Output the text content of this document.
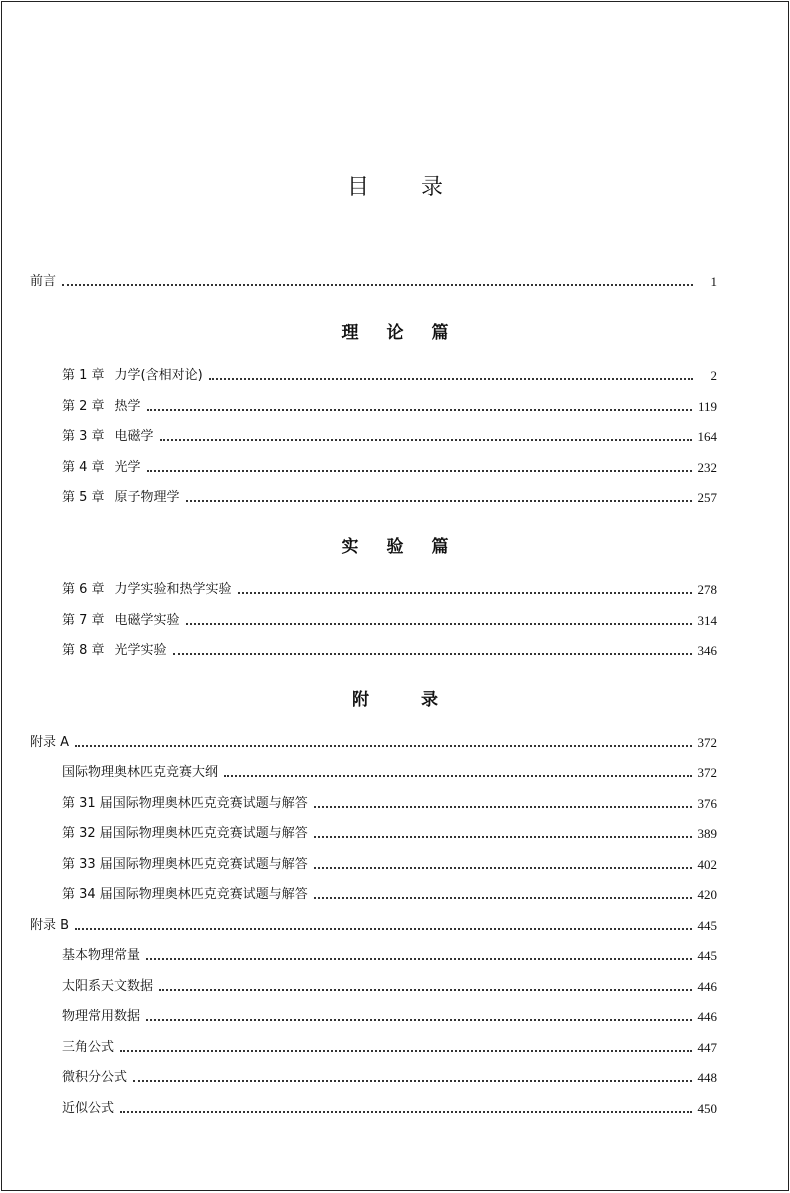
目 录
前言	1
理 论 篇
第 1 章 力学(含相对论)	2
第 2 章 热学	119
第 3 章 电磁学	164
第 4 章 光学	232
第 5 章 原子物理学	257
实 验 篇
第 6 章 力学实验和热学实验	278
第 7 章 电磁学实验	314
第 8 章 光学实验	346
附	录
附录 A	372
国际物理奥林匹克竞赛大纲	372
第 31 届国际物理奥林匹克竞赛试题与解答	376
第 32 届国际物理奥林匹克竞赛试题与解答	389
第 33 届国际物理奥林匹克竞赛试题与解答	402
第 34 届国际物理奥林匹克竞赛试题与解答	420
附录 B	445
基本物理常量	445
太阳系天文数据	446
物理常用数据	446
三角公式	447
微积分公式	448
近似公式	450
